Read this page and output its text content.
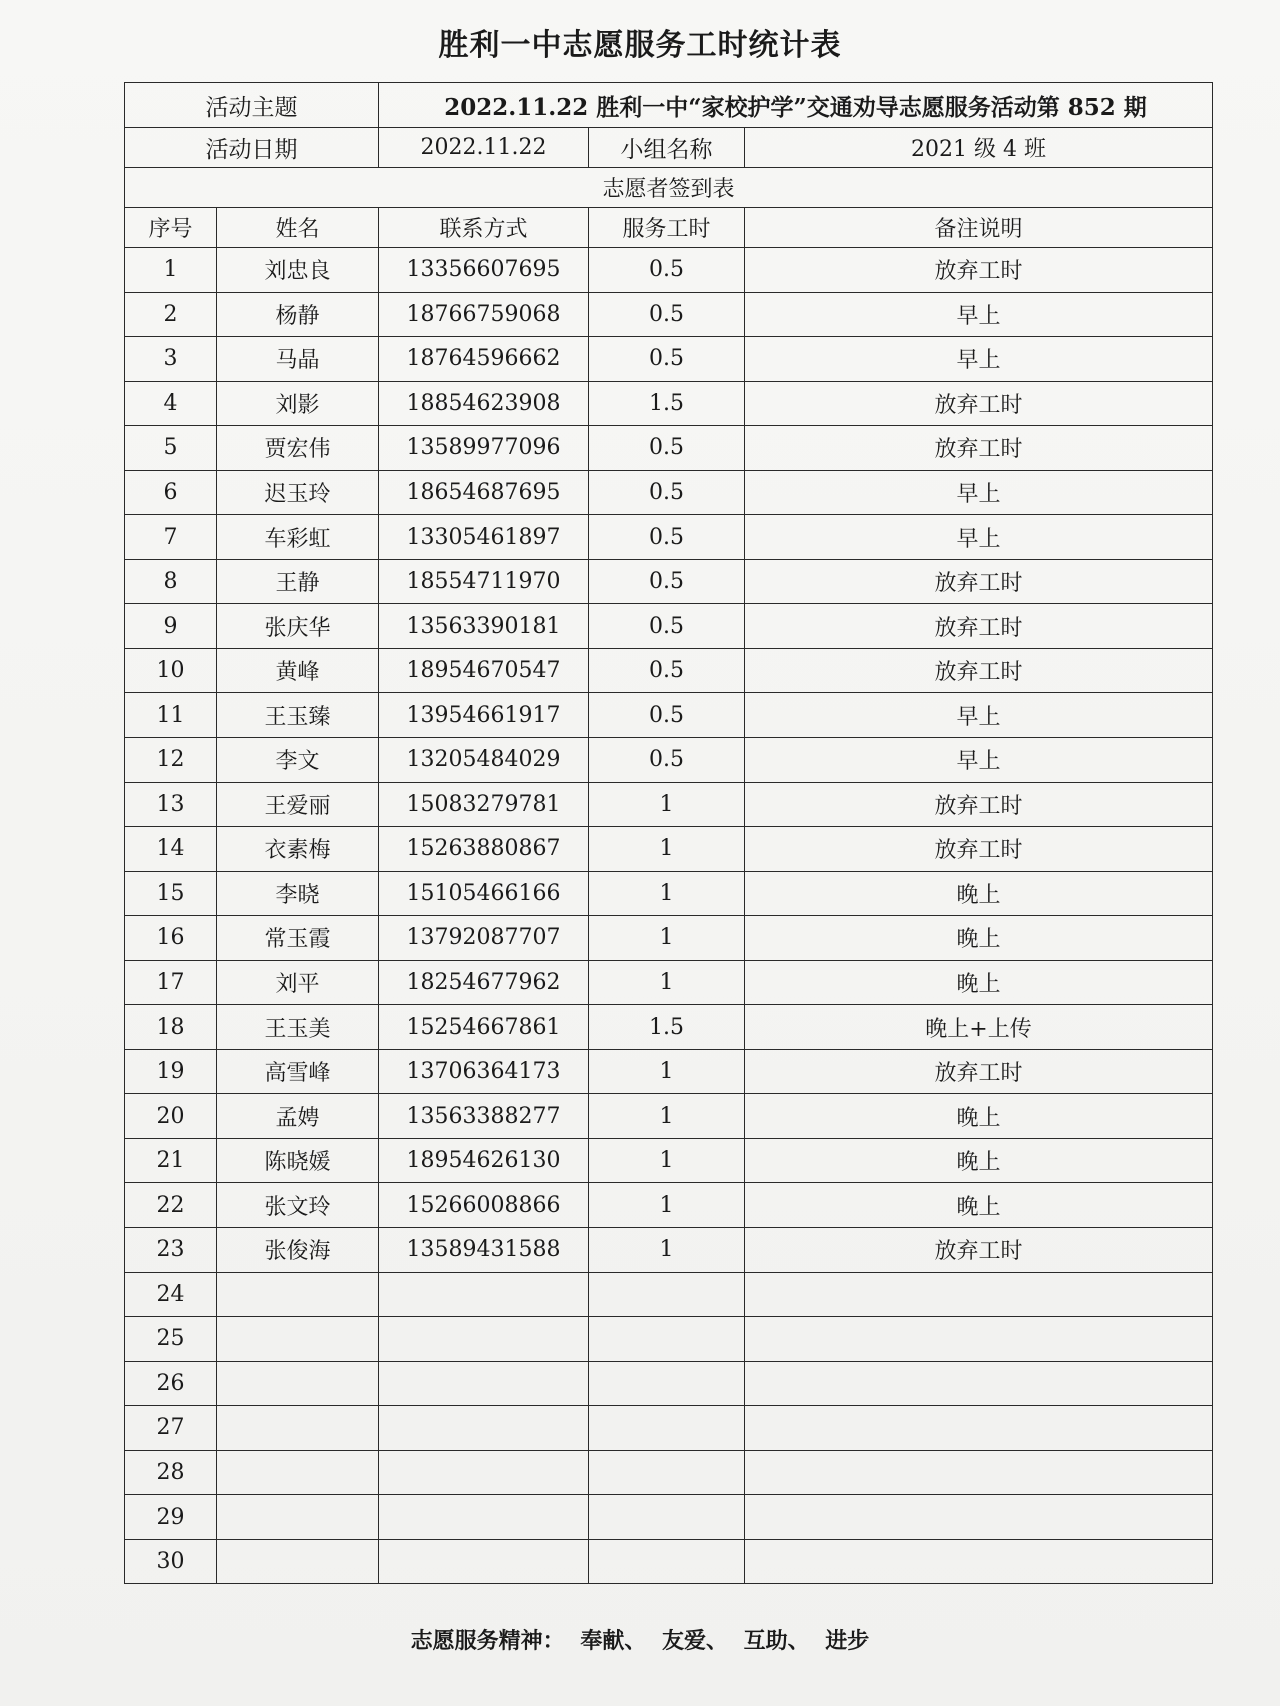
胜利一中志愿服务工时统计表
活动主题		2022.11.22 胜利一中“家校护学”交通劝导志愿服务活动第 852 期		
活动日期		2022.11.22	小组名称	2021 级 4 班
志愿者签到表				
序号	姓名	联系方式	服务工时	备注说明
1	刘忠良	13356607695	0.5	放弃工时
2	杨静	18766759068	0.5	早上
3	马晶	18764596662	0.5	早上
4	刘影	18854623908	1.5	放弃工时
5	贾宏伟	13589977096	0.5	放弃工时
6	迟玉玲	18654687695	0.5	早上
7	车彩虹	13305461897	0.5	早上
8	王静	18554711970	0.5	放弃工时
9	张庆华	13563390181	0.5	放弃工时
10	黄峰	18954670547	0.5	放弃工时
11	王玉臻	13954661917	0.5	早上
12	李文	13205484029	0.5	早上
13	王爱丽	15083279781	1	放弃工时
14	衣素梅	15263880867	1	放弃工时
15	李晓	15105466166	1	晚上
16	常玉霞	13792087707	1	晚上
17	刘平	18254677962	1	晚上
18	王玉美	15254667861	1.5	晚上+上传
19	高雪峰	13706364173	1	放弃工时
20	孟娉	13563388277	1	晚上
21	陈晓媛	18954626130	1	晚上
22	张文玲	15266008866	1	晚上
23	张俊海	13589431588	1	放弃工时
24				
25				
26				
27				
28				
29				
30				
志愿服务精神： 奉献、 友爱、 互助、 进步
